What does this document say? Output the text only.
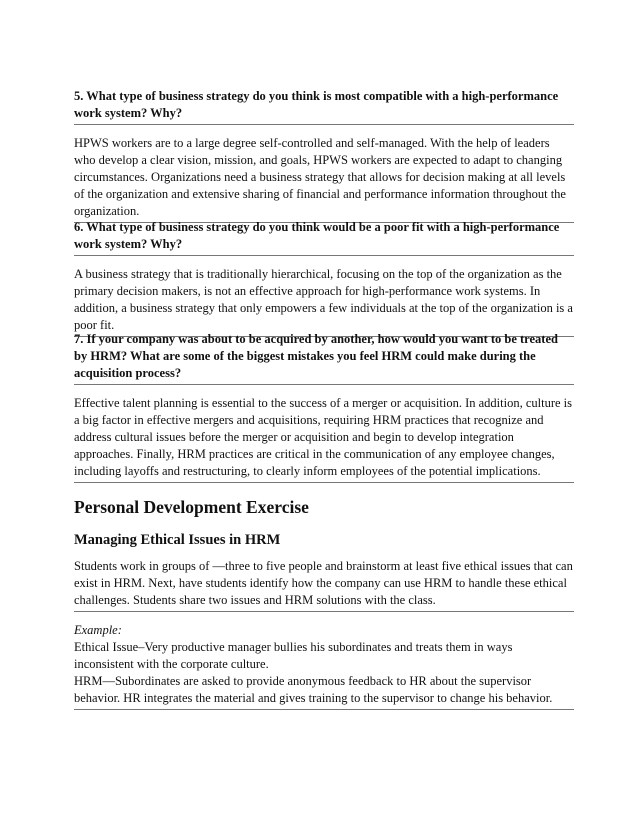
5. What type of business strategy do you think is most compatible with a high-performance work system? Why?

HPWS workers are to a large degree self-controlled and self-managed. With the help of leaders who develop a clear vision, mission, and goals, HPWS workers are expected to adapt to changing circumstances. Organizations need a business strategy that allows for decision making at all levels of the organization and extensive sharing of financial and performance information throughout the organization.

6. What type of business strategy do you think would be a poor fit with a high-performance work system? Why?

A business strategy that is traditionally hierarchical, focusing on the top of the organization as the primary decision makers, is not an effective approach for high-performance work systems. In addition, a business strategy that only empowers a few individuals at the top of the organization is a poor fit.

7. If your company was about to be acquired by another, how would you want to be treated by HRM? What are some of the biggest mistakes you feel HRM could make during the acquisition process?

Effective talent planning is essential to the success of a merger or acquisition. In addition, culture is a big factor in effective mergers and acquisitions, requiring HRM practices that recognize and address cultural issues before the merger or acquisition and begin to develop integration approaches. Finally, HRM practices are critical in the communication of any employee changes, including layoffs and restructuring, to clearly inform employees of the potential implications.

Personal Development Exercise
Managing Ethical Issues in HRM

Students work in groups of —three to five people and brainstorm at least five ethical issues that can exist in HRM. Next, have students identify how the company can use HRM to handle these ethical challenges. Students share two issues and HRM solutions with the class.

Example:
Ethical Issue–Very productive manager bullies his subordinates and treats them in ways inconsistent with the corporate culture.
HRM—Subordinates are asked to provide anonymous feedback to HR about the supervisor behavior. HR integrates the material and gives training to the supervisor to change his behavior.
